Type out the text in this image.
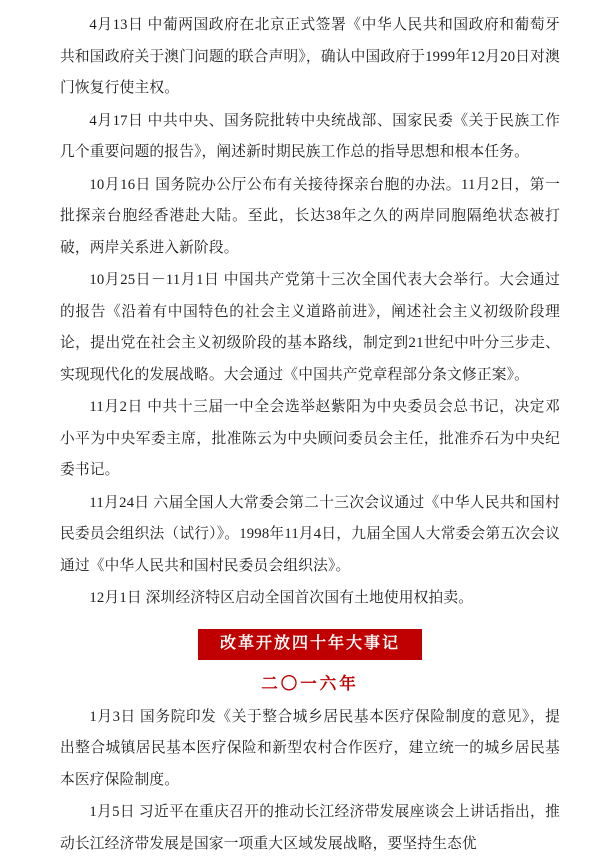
4月13日 中葡两国政府在北京正式签署《中华人民共和国政府和葡萄牙共和国政府关于澳门问题的联合声明》，确认中国政府于1999年12月20日对澳门恢复行使主权。

4月17日 中共中央、国务院批转中央统战部、国家民委《关于民族工作几个重要问题的报告》，阐述新时期民族工作总的指导思想和根本任务。

10月16日 国务院办公厅公布有关接待探亲台胞的办法。11月2日，第一批探亲台胞经香港赴大陆。至此，长达38年之久的两岸同胞隔绝状态被打破，两岸关系进入新阶段。

10月25日－11月1日 中国共产党第十三次全国代表大会举行。大会通过的报告《沿着有中国特色的社会主义道路前进》，阐述社会主义初级阶段理论，提出党在社会主义初级阶段的基本路线，制定到21世纪中叶分三步走、实现现代化的发展战略。大会通过《中国共产党章程部分条文修正案》。

11月2日 中共十三届一中全会选举赵紫阳为中央委员会总书记，决定邓小平为中央军委主席，批准陈云为中央顾问委员会主任，批准乔石为中央纪委书记。

11月24日 六届全国人大常委会第二十三次会议通过《中华人民共和国村民委员会组织法（试行）》。1998年11月4日，九届全国人大常委会第五次会议通过《中华人民共和国村民委员会组织法》。

12月1日 深圳经济特区启动全国首次国有土地使用权拍卖。

改革开放四十年大事记
二〇一六年

1月3日 国务院印发《关于整合城乡居民基本医疗保险制度的意见》，提出整合城镇居民基本医疗保险和新型农村合作医疗，建立统一的城乡居民基本医疗保险制度。

1月5日 习近平在重庆召开的推动长江经济带发展座谈会上讲话指出，推动长江经济带发展是国家一项重大区域发展战略，要坚持生态优
